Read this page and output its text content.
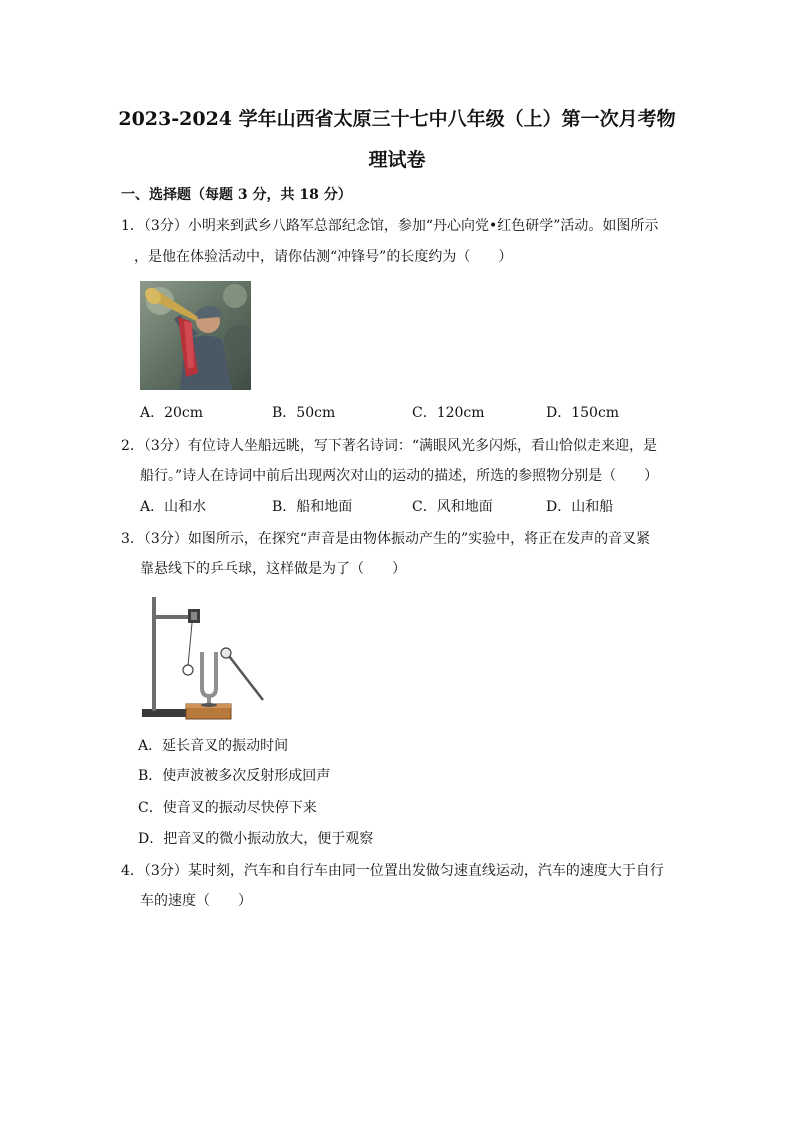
2023-2024 学年山西省太原三十七中八年级（上）第一次月考物
理试卷
一、选择题（每题 3 分，共 18 分）
1．（3分）小明来到武乡八路军总部纪念馆，参加“丹心向党•红色研学”活动。如图所示
，是他在体验活动中，请你估测“冲锋号”的长度约为（　　）
A．20cm	B．50cm	C．120cm	D．150cm
2．（3分）有位诗人坐船远眺，写下著名诗词：“满眼风光多闪烁，看山恰似走来迎，是
船行。”诗人在诗词中前后出现两次对山的运动的描述，所选的参照物分别是（　　）
A．山和水	B．船和地面	C．风和地面	D．山和船
3．（3分）如图所示，在探究“声音是由物体振动产生的”实验中，将正在发声的音叉紧
靠悬线下的乒乓球，这样做是为了（　　）
A．延长音叉的振动时间
B．使声波被多次反射形成回声
C．使音叉的振动尽快停下来
D．把音叉的微小振动放大，便于观察
4．（3分）某时刻，汽车和自行车由同一位置出发做匀速直线运动，汽车的速度大于自行
车的速度（　　）
